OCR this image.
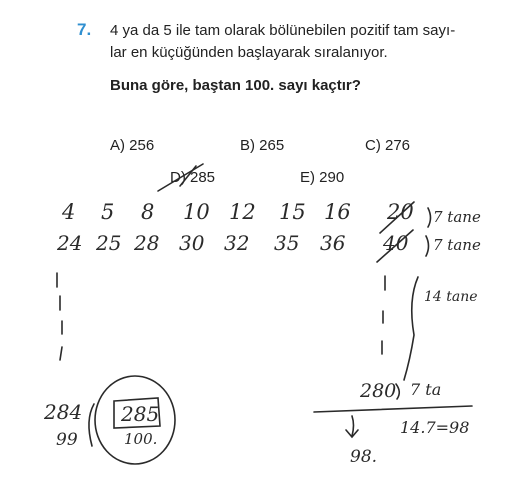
7. 4 ya da 5 ile tam olarak bölünebilen pozitif tam sayı-
lar en küçüğünden başlayarak sıralanıyor.
Buna göre, baştan 100. sayı kaçtır?
A) 256	B) 265	C) 276
D) 285	E) 290
4 5 8 10 12 15 16 20
24 25 28 30 32 35 36 40
7 tane
7 tane
14 tane
284
99
285
100.
280 7 ta
14.7=98
98.
